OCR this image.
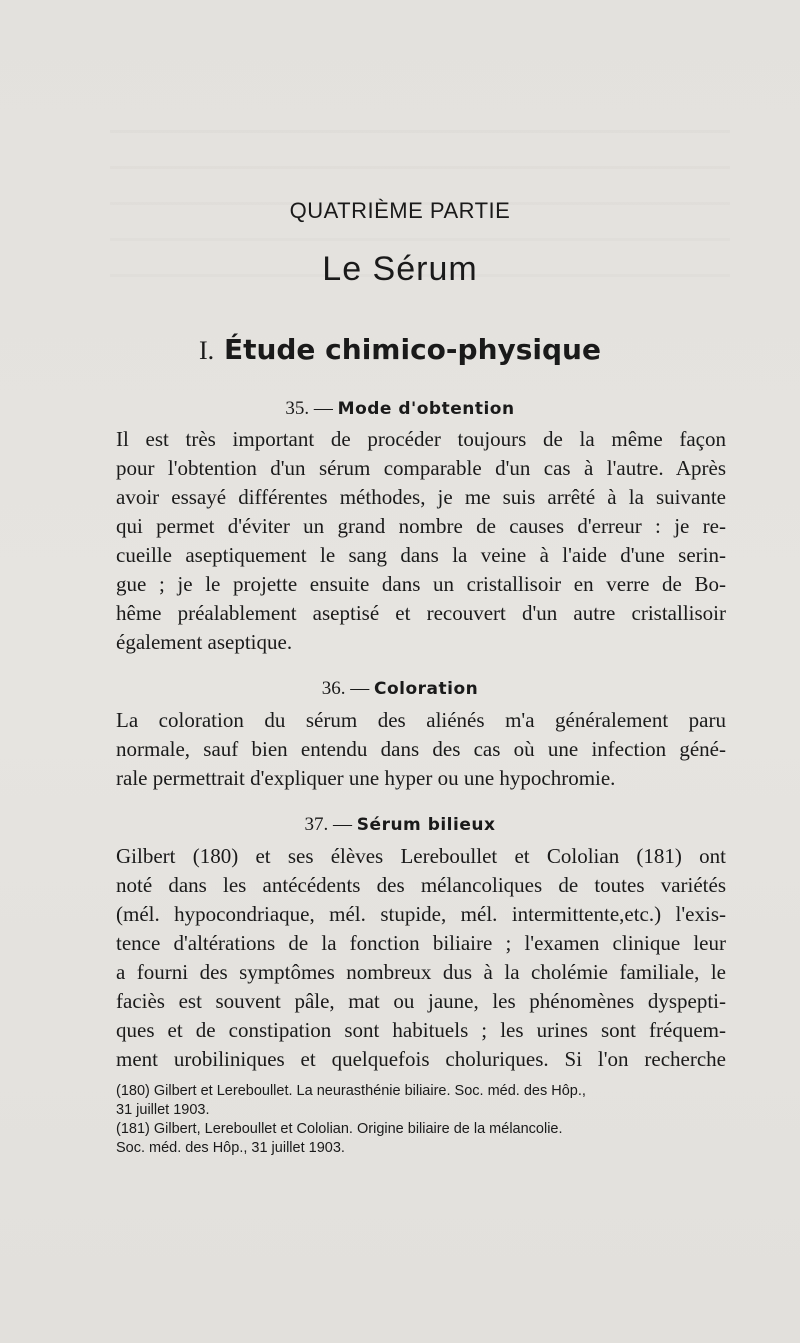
QUATRIÈME PARTIE
Le Sérum
I. Étude chimico-physique
35. — Mode d'obtention
Il est très important de procéder toujours de la même façon
pour l'obtention d'un sérum comparable d'un cas à l'autre. Après
avoir essayé différentes méthodes, je me suis arrêté à la suivante
qui permet d'éviter un grand nombre de causes d'erreur : je re-
cueille aseptiquement le sang dans la veine à l'aide d'une serin-
gue ; je le projette ensuite dans un cristallisoir en verre de Bo-
hême préalablement aseptisé et recouvert d'un autre cristallisoir
également aseptique.
36. — Coloration
La coloration du sérum des aliénés m'a généralement paru
normale, sauf bien entendu dans des cas où une infection géné-
rale permettrait d'expliquer une hyper ou une hypochromie.
37. — Sérum bilieux
Gilbert (180) et ses élèves Lereboullet et Cololian (181) ont
noté dans les antécédents des mélancoliques de toutes variétés
(mél. hypocondriaque, mél. stupide, mél. intermittente,etc.) l'exis-
tence d'altérations de la fonction biliaire ; l'examen clinique leur
a fourni des symptômes nombreux dus à la cholémie familiale, le
faciès est souvent pâle, mat ou jaune, les phénomènes dyspepti-
ques et de constipation sont habituels ; les urines sont fréquem-
ment urobiliniques et quelquefois choluriques. Si l'on recherche
(180) Gilbert et Lereboullet. La neurasthénie biliaire. Soc. méd. des Hôp.,
31 juillet 1903.
(181) Gilbert, Lereboullet et Cololian. Origine biliaire de la mélancolie.
Soc. méd. des Hôp., 31 juillet 1903.
